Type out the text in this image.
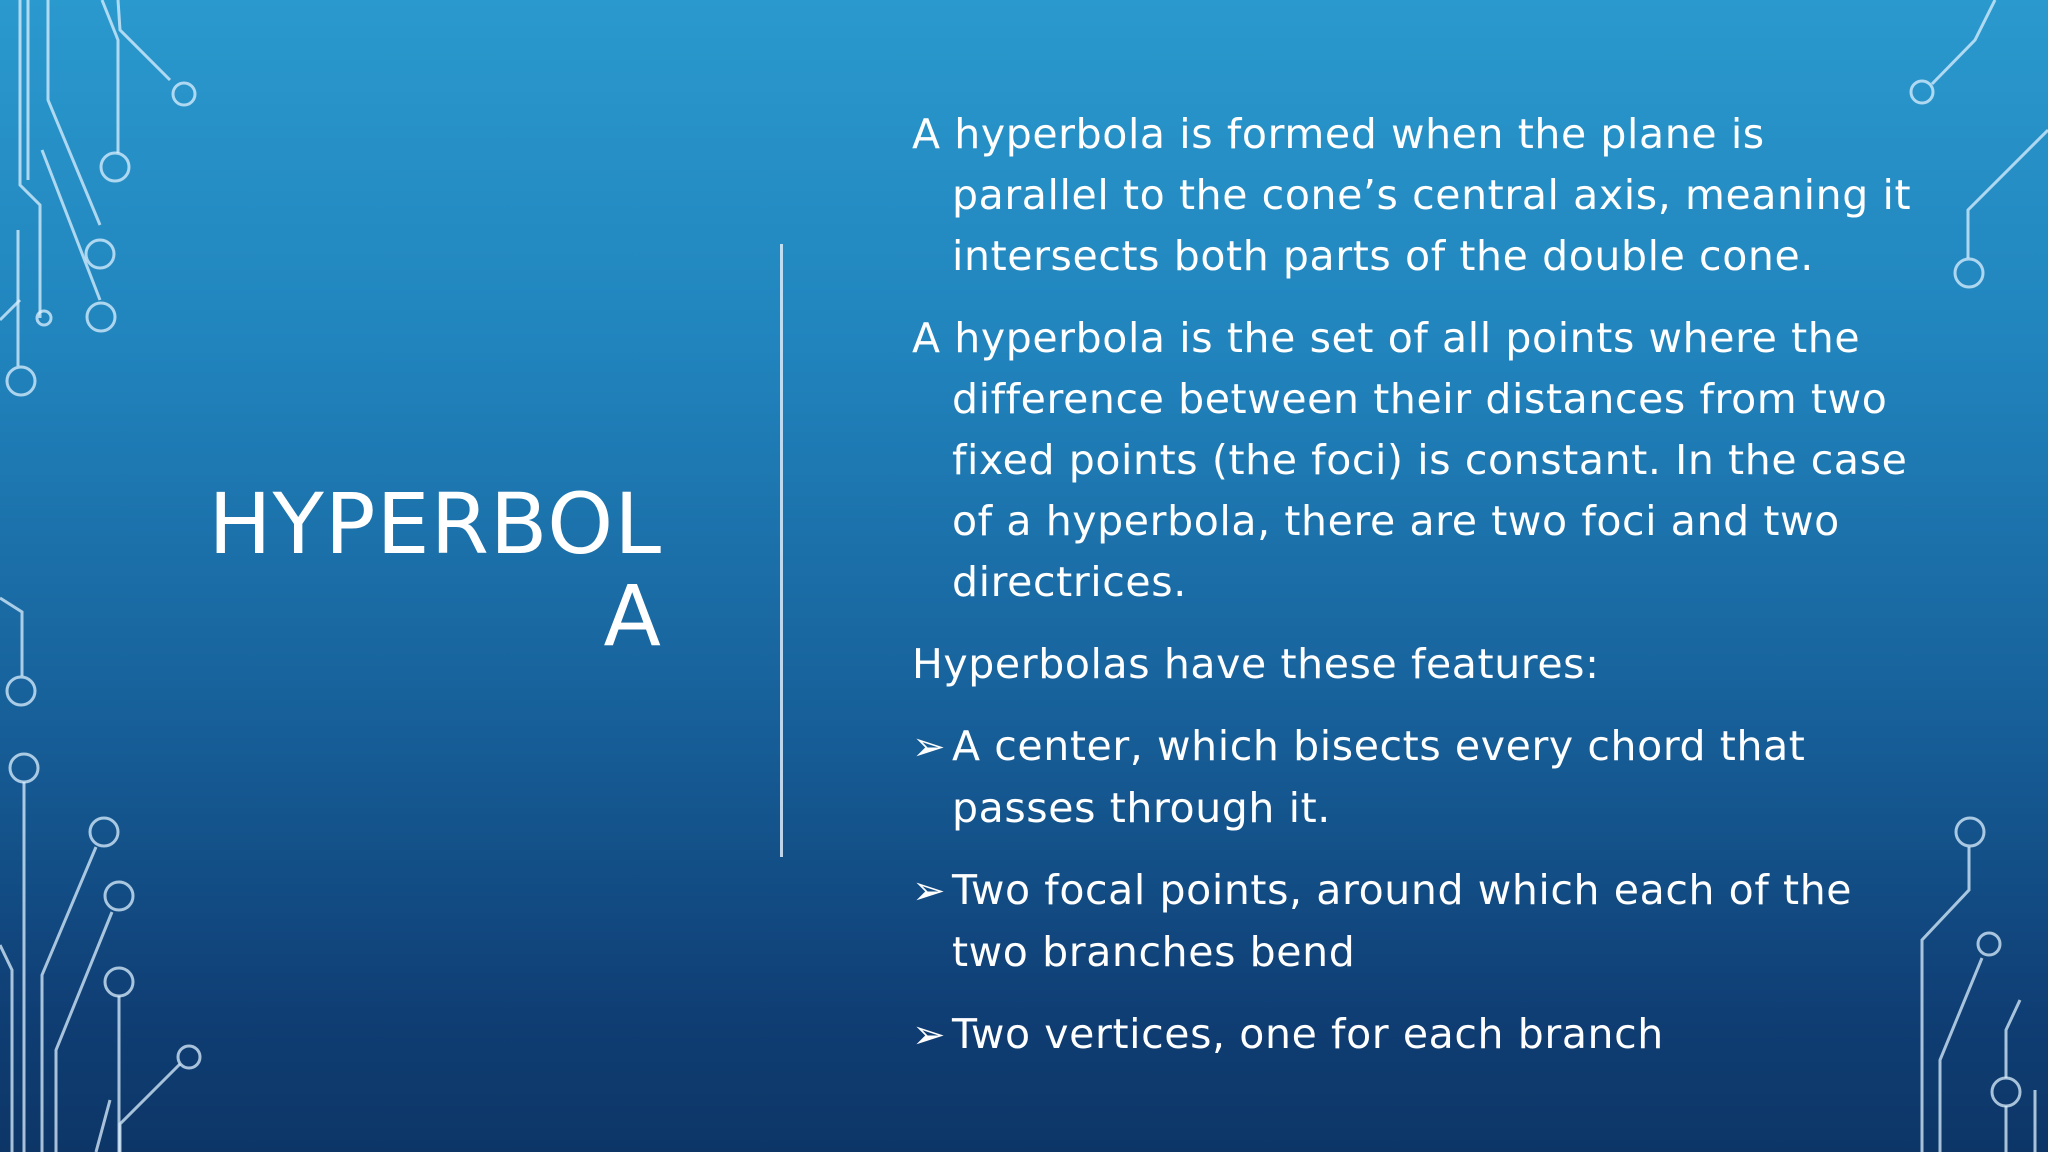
HYPERBOL
A

A hyperbola is formed when the plane is parallel to the cone’s central axis, meaning it intersects both parts of the double cone.

A hyperbola is the set of all points where the difference between their distances from two fixed points (the foci) is constant. In the case of a hyperbola, there are two foci and two directrices.

Hyperbolas have these features:

➢ A center, which bisects every chord that passes through it.

➢ Two focal points, around which each of the two branches bend

➢ Two vertices, one for each branch
